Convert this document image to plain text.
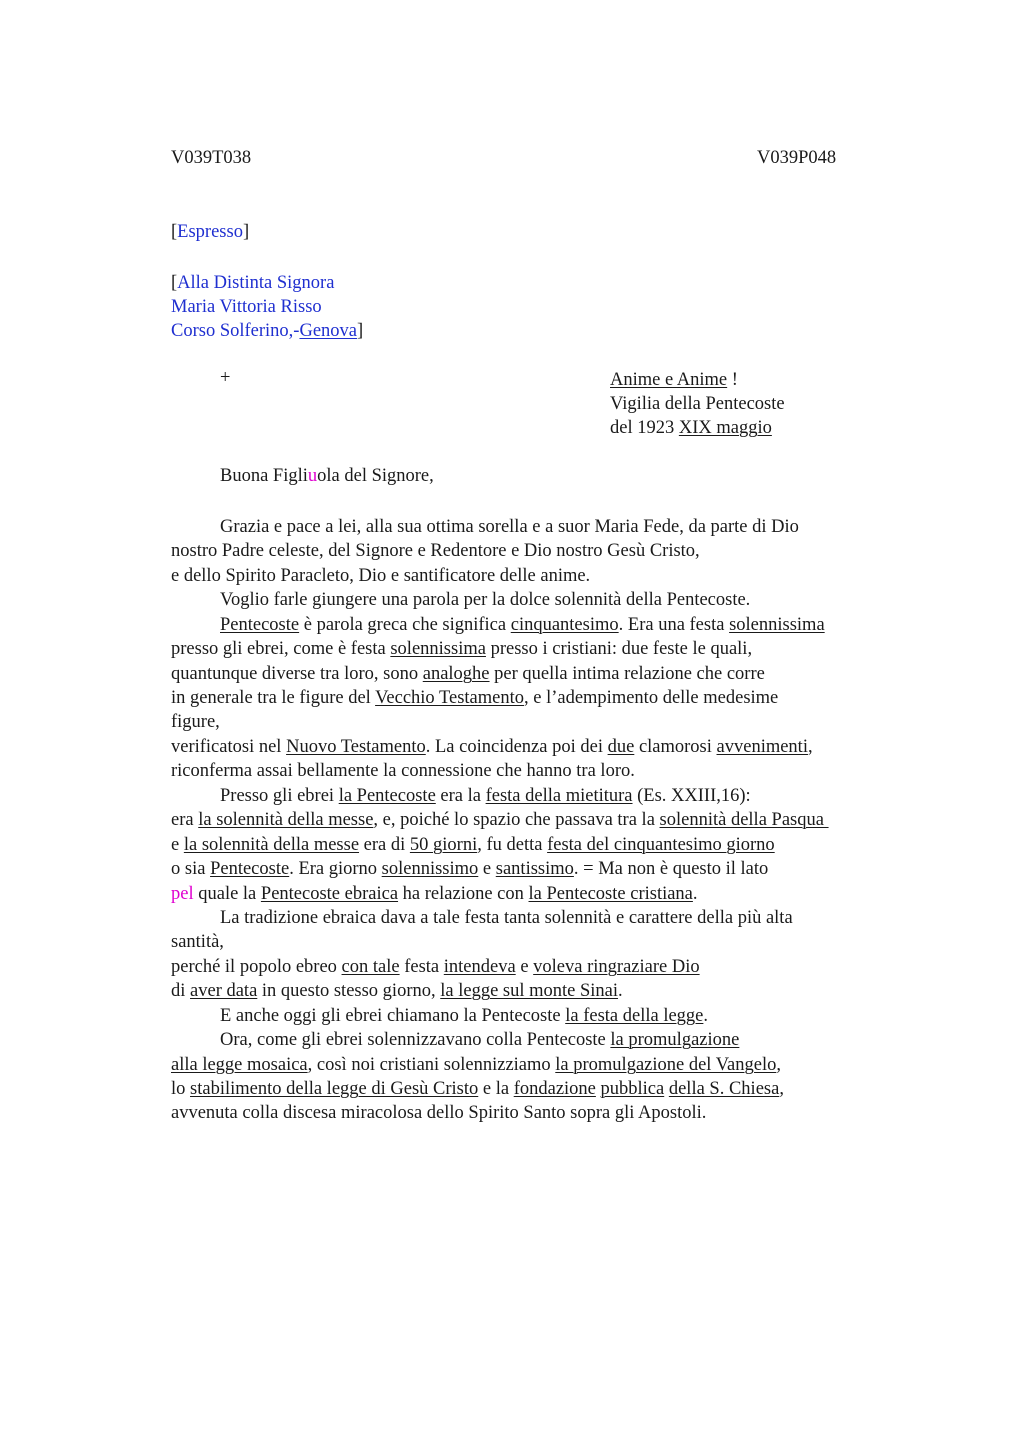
V039T038	V039P048
[Espresso]
[Alla Distinta Signora
Maria Vittoria Risso
Corso Solferino,-Genova]
+	Anime e Anime !
Vigilia della Pentecoste
del 1923 XIX maggio
Buona Figliuola del Signore,
Grazia e pace a lei, alla sua ottima sorella e a suor Maria Fede, da parte di Dio
nostro Padre celeste, del Signore e Redentore e Dio nostro Gesù Cristo,
e dello Spirito Paracleto, Dio e santificatore delle anime.
Voglio farle giungere una parola per la dolce solennità della Pentecoste.
Pentecoste è parola greca che significa cinquantesimo. Era una festa solennissima
presso gli ebrei, come è festa solennissima presso i cristiani: due feste le quali,
quantunque diverse tra loro, sono analoghe per quella intima relazione che corre
in generale tra le figure del Vecchio Testamento, e l’adempimento delle medesime
figure,
verificatosi nel Nuovo Testamento. La coincidenza poi dei due clamorosi avvenimenti,
riconferma assai bellamente la connessione che hanno tra loro.
Presso gli ebrei la Pentecoste era la festa della mietitura (Es. XXIII,16):
era la solennità della messe, e, poiché lo spazio che passava tra la solennità della Pasqua
e la solennità della messe era di 50 giorni, fu detta festa del cinquantesimo giorno
o sia Pentecoste. Era giorno solennissimo e santissimo. = Ma non è questo il lato
pel quale la Pentecoste ebraica ha relazione con la Pentecoste cristiana.
La tradizione ebraica dava a tale festa tanta solennità e carattere della più alta
santità,
perché il popolo ebreo con tale festa intendeva e voleva ringraziare Dio
di aver data in questo stesso giorno, la legge sul monte Sinai.
E anche oggi gli ebrei chiamano la Pentecoste la festa della legge.
Ora, come gli ebrei solennizzavano colla Pentecoste la promulgazione
alla legge mosaica, così noi cristiani solennizziamo la promulgazione del Vangelo,
lo stabilimento della legge di Gesù Cristo e la fondazione pubblica della S. Chiesa,
avvenuta colla discesa miracolosa dello Spirito Santo sopra gli Apostoli.
